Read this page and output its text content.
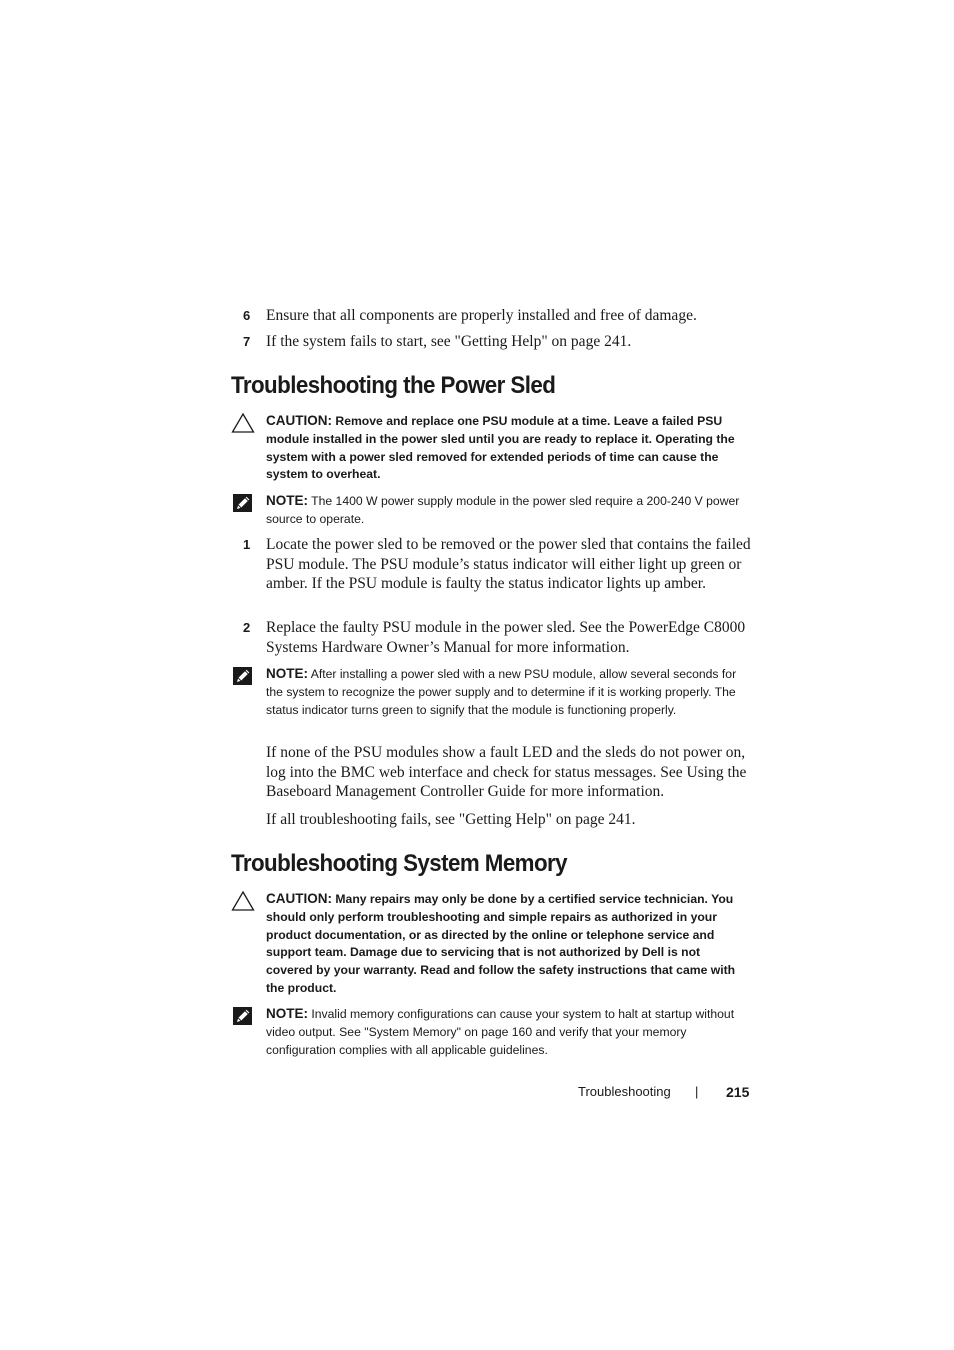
6 Ensure that all components are properly installed and free of damage.
7 If the system fails to start, see "Getting Help" on page 241.
Troubleshooting the Power Sled
CAUTION: Remove and replace one PSU module at a time. Leave a failed PSU module installed in the power sled until you are ready to replace it. Operating the system with a power sled removed for extended periods of time can cause the system to overheat.
NOTE: The 1400 W power supply module in the power sled require a 200-240 V power source to operate.
1 Locate the power sled to be removed or the power sled that contains the failed PSU module. The PSU module’s status indicator will either light up green or amber. If the PSU module is faulty the status indicator lights up amber.
2 Replace the faulty PSU module in the power sled. See the PowerEdge C8000 Systems Hardware Owner’s Manual for more information.
NOTE: After installing a power sled with a new PSU module, allow several seconds for the system to recognize the power supply and to determine if it is working properly. The status indicator turns green to signify that the module is functioning properly.
If none of the PSU modules show a fault LED and the sleds do not power on, log into the BMC web interface and check for status messages. See Using the Baseboard Management Controller Guide for more information.
If all troubleshooting fails, see "Getting Help" on page 241.
Troubleshooting System Memory
CAUTION: Many repairs may only be done by a certified service technician. You should only perform troubleshooting and simple repairs as authorized in your product documentation, or as directed by the online or telephone service and support team. Damage due to servicing that is not authorized by Dell is not covered by your warranty. Read and follow the safety instructions that came with the product.
NOTE: Invalid memory configurations can cause your system to halt at startup without video output. See "System Memory" on page 160 and verify that your memory configuration complies with all applicable guidelines.
Troubleshooting | 215
